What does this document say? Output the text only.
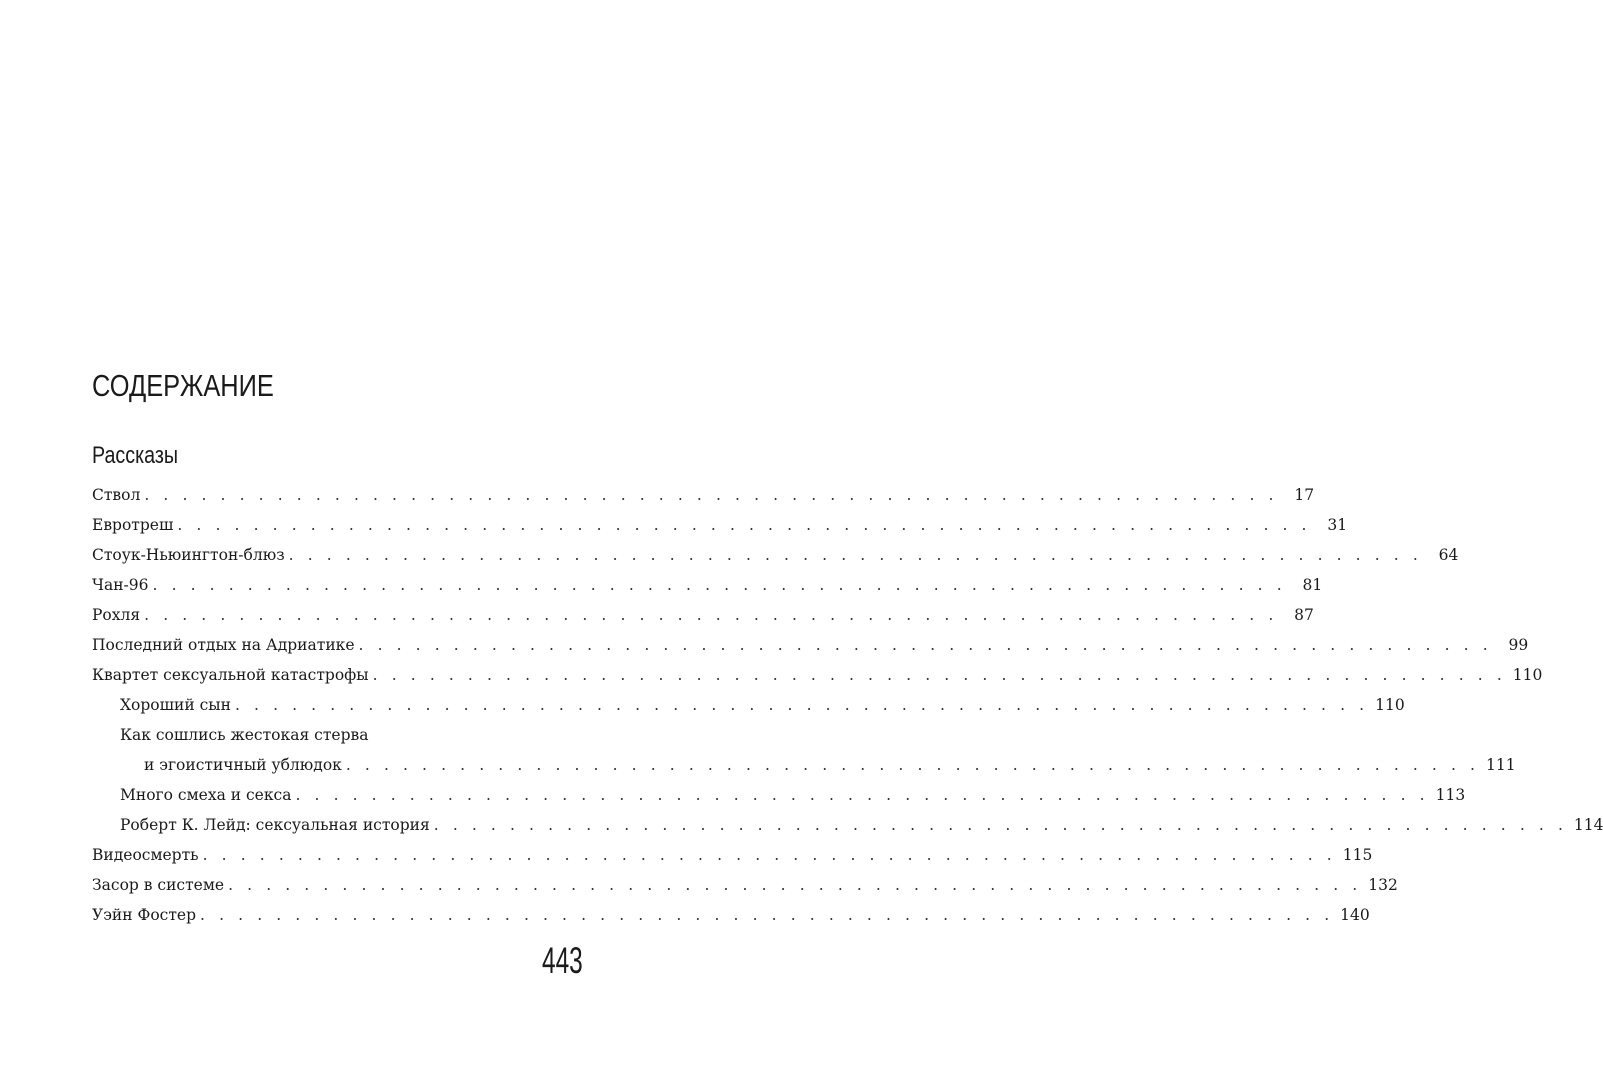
СОДЕРЖАНИЕ
Рассказы
Ствол . . . . . . . . . . . . . . . . . . . . . . . . . . . . . . . . . . . . . . . . . . . . . . . . . . . . . . . . . . . .	17
Евротреш . . . . . . . . . . . . . . . . . . . . . . . . . . . . . . . . . . . . . . . . . . . . . . . . . . . . . . . . . . . .	31
Стоук-Ньюингтон-блюз . . . . . . . . . . . . . . . . . . . . . . . . . . . . . . . . . . . . . . . . . . . . . . . . . . . . . . . . . . . .	64
Чан-96 . . . . . . . . . . . . . . . . . . . . . . . . . . . . . . . . . . . . . . . . . . . . . . . . . . . . . . . . . . . .	81
Рохля . . . . . . . . . . . . . . . . . . . . . . . . . . . . . . . . . . . . . . . . . . . . . . . . . . . . . . . . . . . .	87
Последний отдых на Адриатике . . . . . . . . . . . . . . . . . . . . . . . . . . . . . . . . . . . . . . . . . . . . . . . . . . . . . . . . . . . .	99
Квартет сексуальной катастрофы . . . . . . . . . . . . . . . . . . . . . . . . . . . . . . . . . . . . . . . . . . . . . . . . . . . . . . . . . . . . 110
Хороший сын . . . . . . . . . . . . . . . . . . . . . . . . . . . . . . . . . . . . . . . . . . . . . . . . . . . . . . . . . . . . 110
Как сошлись жестокая стерва
и эгоистичный ублюдок . . . . . . . . . . . . . . . . . . . . . . . . . . . . . . . . . . . . . . . . . . . . . . . . . . . . . . . . . . . . 111
Много смеха и секса . . . . . . . . . . . . . . . . . . . . . . . . . . . . . . . . . . . . . . . . . . . . . . . . . . . . . . . . . . . . 113
Роберт К. Лейд: сексуальная история . . . . . . . . . . . . . . . . . . . . . . . . . . . . . . . . . . . . . . . . . . . . . . . . . . . . . . . . . . . . 114
Видеосмерть . . . . . . . . . . . . . . . . . . . . . . . . . . . . . . . . . . . . . . . . . . . . . . . . . . . . . . . . . . . . 115
Засор в системе . . . . . . . . . . . . . . . . . . . . . . . . . . . . . . . . . . . . . . . . . . . . . . . . . . . . . . . . . . . . 132
Уэйн Фостер . . . . . . . . . . . . . . . . . . . . . . . . . . . . . . . . . . . . . . . . . . . . . . . . . . . . . . . . . . . . 140
443
